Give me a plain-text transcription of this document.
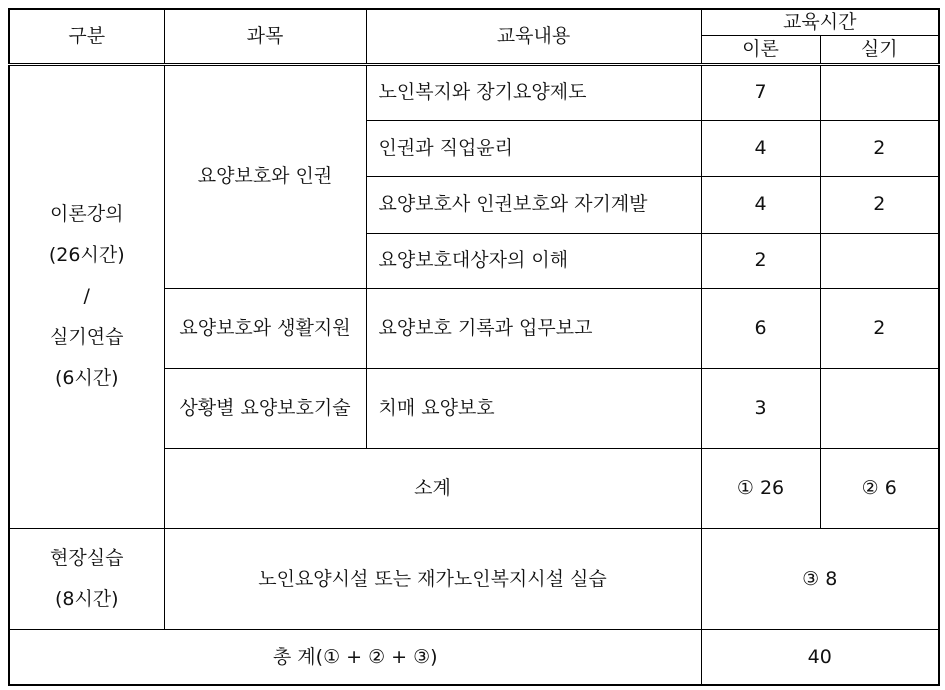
구분	과목	교육내용	교육시간	
			이론	실기

이론강의
(26시간)
/
실기연습
(6시간)	요양보호와 인권	노인복지와 장기요양제도	7	
		인권과 직업윤리	4	2
		요양보호사 인권보호와 자기계발	4	2
		요양보호대상자의 이해	2	
	요양보호와 생활지원	요양보호 기록과 업무보고	6	2
	상황별 요양보호기술	치매 요양보호	3	
	소계		① 26	② 6

현장실습
(8시간)	노인요양시설 또는 재가노인복지시설 실습		③ 8	
총 계(① + ② + ③)			40	
